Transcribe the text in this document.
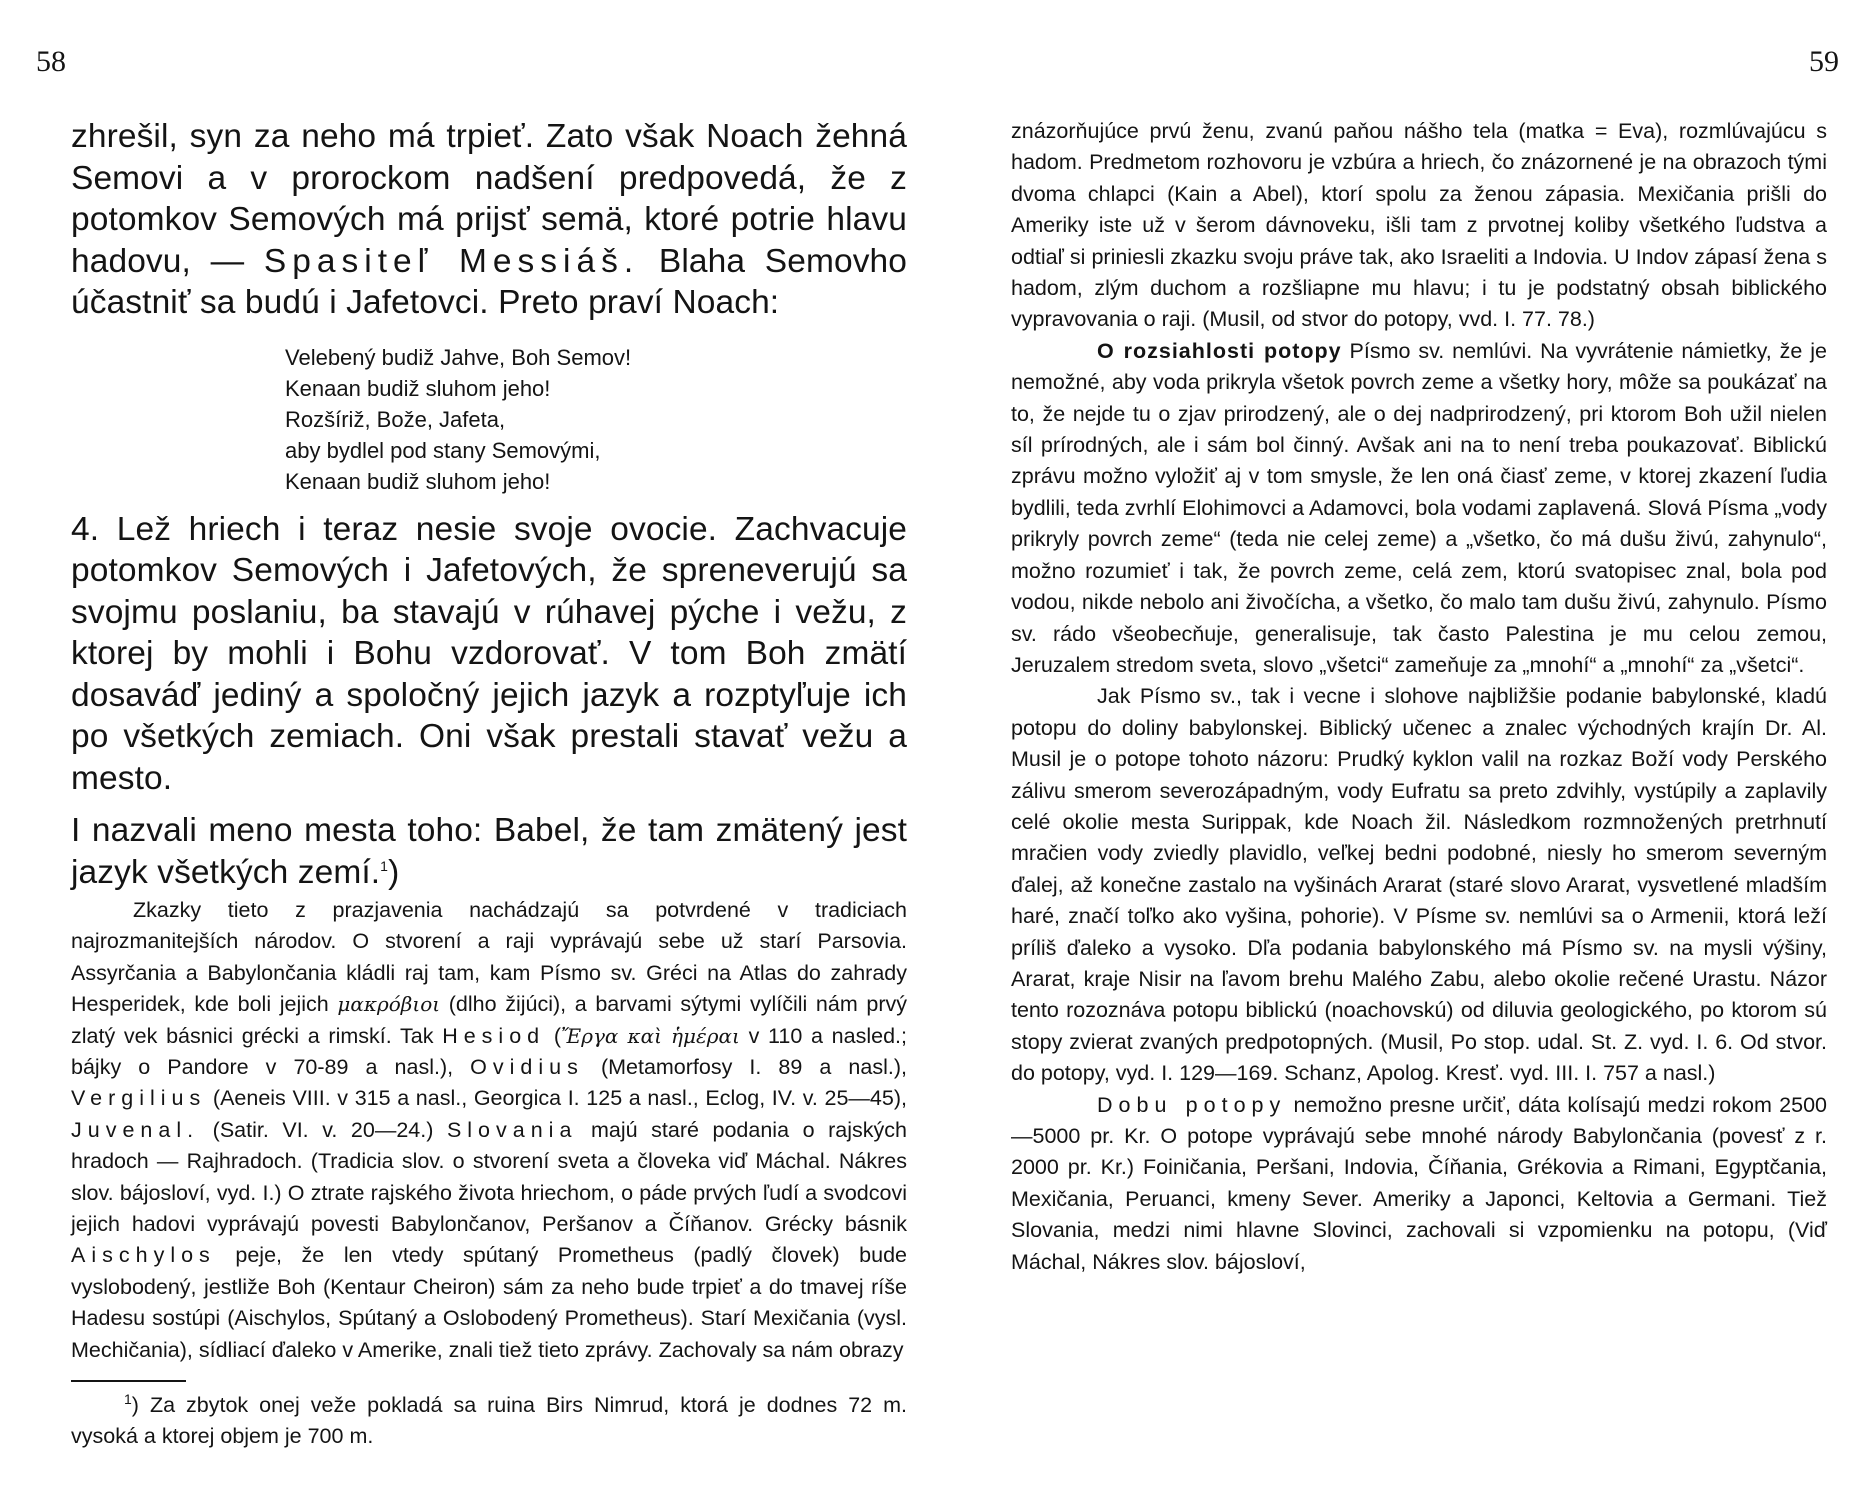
58

zhrešil, syn za neho má trpieť. Zato však Noach žehná Semovi a v prorockom nadšení predpovedá, že z potomkov Semových má prijsť semä, ktoré potrie hlavu hadovu, — Spasiteľ Messiáš. Blaha Semovho účastniť sa budú i Jafetovci. Preto praví Noach:

Velebený budiž Jahve, Boh Semov!
Kenaan budiž sluhom jeho!
Rozšíriž, Bože, Jafeta,
aby bydlel pod stany Semovými,
Kenaan budiž sluhom jeho!

4. Lež hriech i teraz nesie svoje ovocie. Zachvacuje potomkov Semových i Jafetových, že spreneverujú sa svojmu poslaniu, ba stavajú v rúhavej pýche i vežu, z ktorej by mohli i Bohu vzdorovať. V tom Boh zmätí dosaváď jediný a spoločný jejich jazyk a rozptyľuje ich po všetkých zemiach. Oni však prestali stavať vežu a mesto.

I nazvali meno mesta toho: Babel, že tam zmätený jest jazyk všetkých zemí.$^1$)

Zkazky tieto z prazjavenia nachádzajú sa potvrdené v tradiciach najrozmanitejších národov. O stvorení a raji vyprávajú sebe už starí Parsovia. Assyrčania a Babylončania kládli raj tam, kam Písmo sv. Gréci na Atlas do zahrady Hesperidek, kde boli jejich μακρόβιοι (dlho žijúci), a barvami sýtymi vylíčili nám prvý zlatý vek básnici grécki a rimskí. Tak Hesiod (Ἔργα καὶ ἡμέραι v 110 a nasled.; bájky o Pandore v 70-89 a nasl.), Ovidius (Metamorfosy I. 89 a nasl.), Vergilius (Aeneis VIII. v 315 a nasl., Georgica I. 125 a nasl., Eclog, IV. v. 25—45), Juvenal. (Satir. VI. v. 20—24.) Slovania majú staré podania o rajských hradoch — Rajhradoch. (Tradicia slov. o stvorení sveta a človeka viď Máchal. Nákres slov. bájosloví, vyd. I.) O ztrate rajského života hriechom, o páde prvých ľudí a svodcovi jejich hadovi vyprávajú povesti Babylončanov, Peršanov a Číňanov. Grécky básnik Aischylos peje, že len vtedy spútaný Prometheus (padlý človek) bude vyslobodený, jestliže Boh (Kentaur Cheiron) sám za neho bude trpieť a do tmavej ríše Hadesu sostúpi (Aischylos, Spútaný a Oslobodený Prometheus). Starí Mexičania (vysl. Mechičania), sídliací ďaleko v Amerike, znali tiež tieto zprávy. Zachovaly sa nám obrazy

$^1$) Za zbytok onej veže pokladá sa ruina Birs Nimrud, ktorá je dodnes 72 m. vysoká a ktorej objem je 700 m.

59

znázorňujúce prvú ženu, zvanú paňou nášho tela (matka = Eva), rozmlúvajúcu s hadom. Predmetom rozhovoru je vzbúra a hriech, čo znázornené je na obrazoch tými dvoma chlapci (Kain a Abel), ktorí spolu za ženou zápasia. Mexičania prišli do Ameriky iste už v šerom dávnoveku, išli tam z prvotnej koliby všetkého ľudstva a odtiaľ si priniesli zkazku svoju práve tak, ako Israeliti a Indovia. U Indov zápasí žena s hadom, zlým duchom a rozšliapne mu hlavu; i tu je podstatný obsah biblického vypravovania o raji. (Musil, od stvor do potopy, vvd. I. 77. 78.)

O rozsiahlosti potopy Písmo sv. nemlúvi. Na vyvrátenie námietky, že je nemožné, aby voda prikryla všetok povrch zeme a všetky hory, môže sa poukázať na to, že nejde tu o zjav prirodzený, ale o dej nadprirodzený, pri ktorom Boh užil nielen síl prírodných, ale i sám bol činný. Avšak ani na to není treba poukazovať. Biblickú zprávu možno vyložiť aj v tom smysle, že len oná čiasť zeme, v ktorej zkazení ľudia bydlili, teda zvrhlí Elohimovci a Adamovci, bola vodami zaplavená. Slová Písma „vody prikryly povrch zeme“ (teda nie celej zeme) a „všetko, čo má dušu živú, zahynulo“, možno rozumieť i tak, že povrch zeme, celá zem, ktorú svatopisec znal, bola pod vodou, nikde nebolo ani živočícha, a všetko, čo malo tam dušu živú, zahynulo. Písmo sv. rádo všeobecňuje, generalisuje, tak často Palestina je mu celou zemou, Jeruzalem stredom sveta, slovo „všetci“ zameňuje za „mnohí“ a „mnohí“ za „všetci“.

Jak Písmo sv., tak i vecne i slohove najbližšie podanie babylonské, kladú potopu do doliny babylonskej. Biblický učenec a znalec východných krajín Dr. Al. Musil je o potope tohoto názoru: Prudký kyklon valil na rozkaz Boží vody Perského zálivu smerom severozápadným, vody Eufratu sa preto zdvihly, vystúpily a zaplavily celé okolie mesta Surippak, kde Noach žil. Následkom rozmnožených pretrhnutí mračien vody zviedly plavidlo, veľkej bedni podobné, niesly ho smerom severným ďalej, až konečne zastalo na vyšinách Ararat (staré slovo Ararat, vysvetlené mladším haré, značí toľko ako vyšina, pohorie). V Písme sv. nemlúvi sa o Armenii, ktorá leží príliš ďaleko a vysoko. Dľa podania babylonského má Písmo sv. na mysli výšiny, Ararat, kraje Nisir na ľavom brehu Malého Zabu, alebo okolie rečené Urastu. Názor tento rozoznáva potopu biblickú (noachovskú) od diluvia geologického, po ktorom sú stopy zvierat zvaných predpotopných. (Musil, Po stop. udal. St. Z. vyd. I. 6. Od stvor. do potopy, vyd. I. 129—169. Schanz, Apolog. Kresť. vyd. III. I. 757 a nasl.)

Dobu potopy nemožno presne určiť, dáta kolísajú medzi rokom 2500—5000 pr. Kr. O potope vyprávajú sebe mnohé národy Babylončania (povesť z r. 2000 pr. Kr.) Foiničania, Peršani, Indovia, Číňania, Grékovia a Rimani, Egyptčania, Mexičania, Peruanci, kmeny Sever. Ameriky a Japonci, Keltovia a Germani. Tiež Slovania, medzi nimi hlavne Slovinci, zachovali si vzpomienku na potopu, (Viď Máchal, Nákres slov. bájosloví,
